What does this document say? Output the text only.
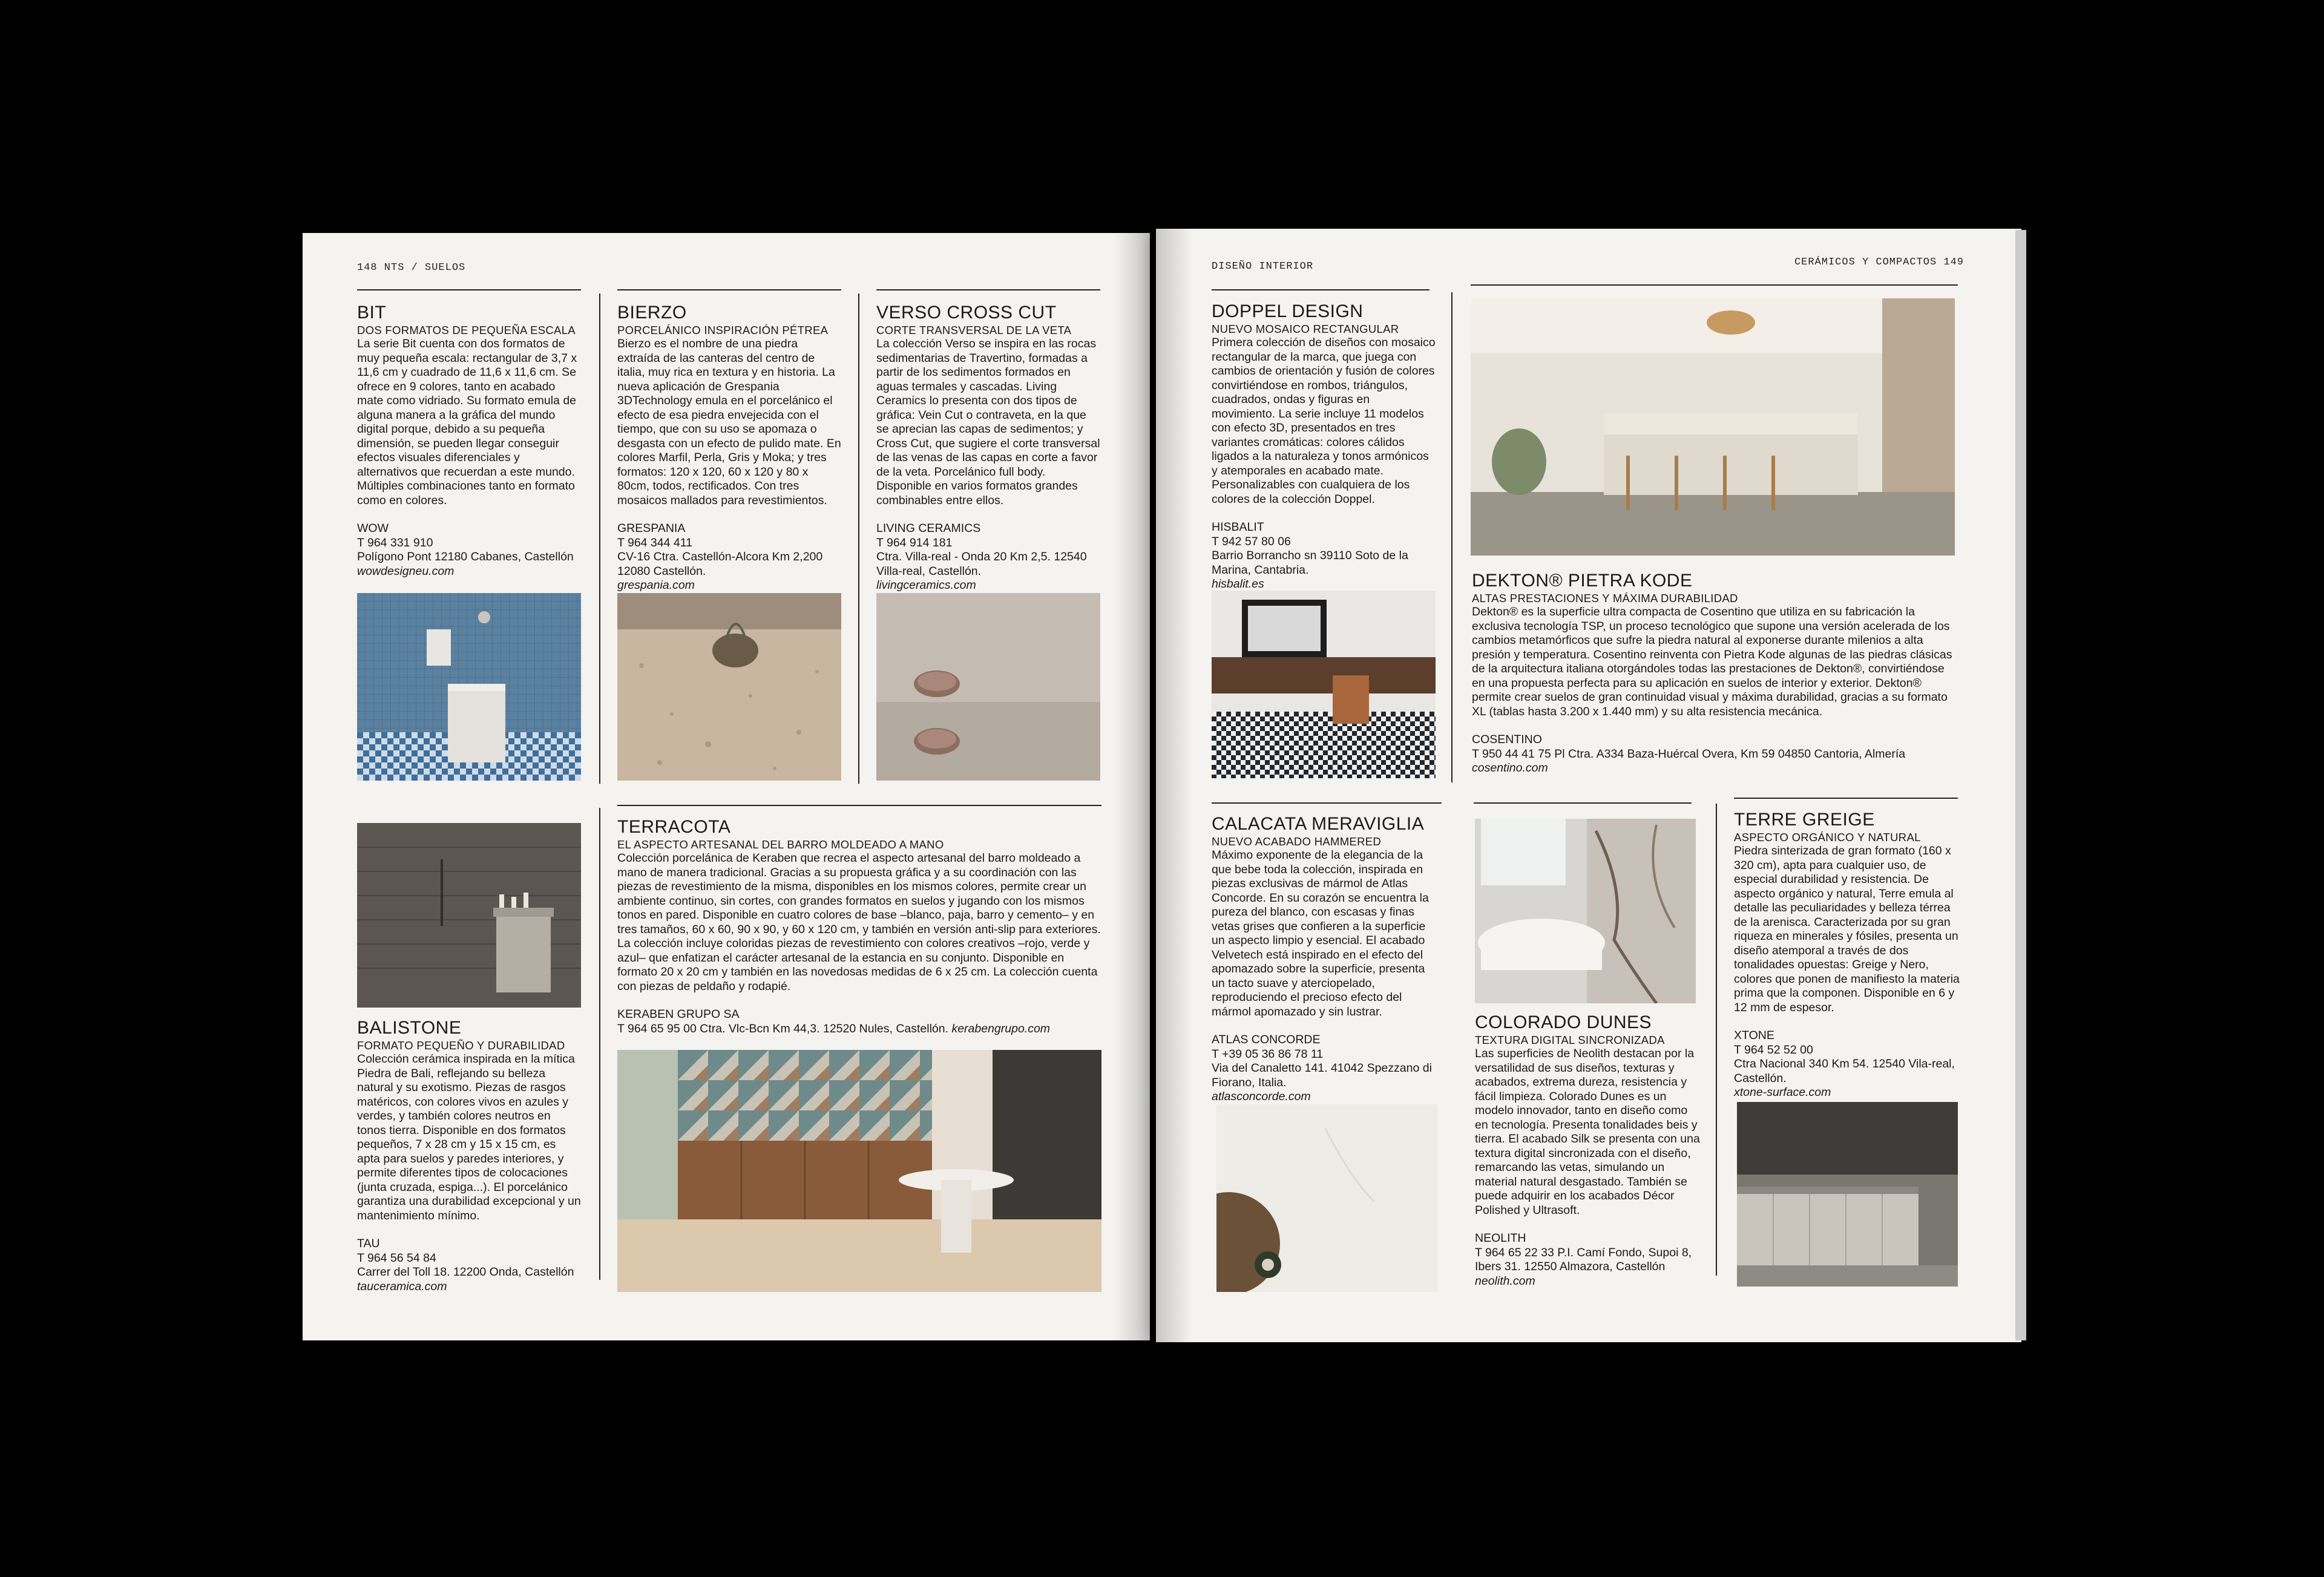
148 NTS / SUELOS
BIT
DOS FORMATOS DE PEQUEÑA ESCALA

La serie Bit cuenta con dos formatos de muy pequeña escala: rectangular de 3,7 x 11,6 cm y cuadrado de 11,6 x 11,6 cm. Se ofrece en 9 colores, tanto en acabado mate como vidriado. Su formato emula de alguna manera a la gráfica del mundo digital porque, debido a su pequeña dimensión, se pueden llegar conseguir efectos visuales diferenciales y alternativos que recuerdan a este mundo. Múltiples combinaciones tanto en formato como en colores.

WOW
T 964 331 910
Polígono Pont 12180 Cabanes, Castellón
wowdesigneu.com
BIERZO
PORCELÁNICO INSPIRACIÓN PÉTREA

Bierzo es el nombre de una piedra extraída de las canteras del centro de italia, muy rica en textura y en historia. La nueva aplicación de Grespania 3DTechnology emula en el porcelánico el efecto de esa piedra envejecida con el tiempo, que con su uso se apomaza o desgasta con un efecto de pulido mate. En colores Marfil, Perla, Gris y Moka; y tres formatos: 120 x 120, 60 x 120 y 80 x 80cm, todos, rectificados. Con tres mosaicos mallados para revestimientos.

GRESPANIA
T 964 344 411
CV-16 Ctra. Castellón-Alcora Km 2,200 12080 Castellón.
grespania.com
VERSO CROSS CUT
CORTE TRANSVERSAL DE LA VETA

La colección Verso se inspira en las rocas sedimentarias de Travertino, formadas a partir de los sedimentos formados en aguas termales y cascadas. Living Ceramics lo presenta con dos tipos de gráfica: Vein Cut o contraveta, en la que se aprecian las capas de sedimentos; y Cross Cut, que sugiere el corte transversal de las venas de las capas en corte a favor de la veta. Porcelánico full body. Disponible en varios formatos grandes combinables entre ellos.

LIVING CERAMICS
T 964 914 181
Ctra. Villa-real - Onda 20 Km 2,5. 12540 Villa-real, Castellón.
livingceramics.com
BALISTONE
FORMATO PEQUEÑO Y DURABILIDAD

Colección cerámica inspirada en la mítica Piedra de Bali, reflejando su belleza natural y su exotismo. Piezas de rasgos matéricos, con colores vivos en azules y verdes, y también colores neutros en tonos tierra. Disponible en dos formatos pequeños, 7 x 28 cm y 15 x 15 cm, es apta para suelos y paredes interiores, y permite diferentes tipos de colocaciones (junta cruzada, espiga...). El porcelánico garantiza una durabilidad excepcional y un mantenimiento mínimo.

TAU
T 964 56 54 84
Carrer del Toll 18. 12200 Onda, Castellón
tauceramica.com
TERRACOTA
EL ASPECTO ARTESANAL DEL BARRO MOLDEADO A MANO

Colección porcelánica de Keraben que recrea el aspecto artesanal del barro moldeado a mano de manera tradicional. Gracias a su propuesta gráfica y a su coordinación con las piezas de revestimiento de la misma, disponibles en los mismos colores, permite crear un ambiente continuo, sin cortes, con grandes formatos en suelos y jugando con los mismos tonos en pared. Disponible en cuatro colores de base –blanco, paja, barro y cemento– y en tres tamaños, 60 x 60, 90 x 90, y 60 x 120 cm, y también en versión anti-slip para exteriores. La colección incluye coloridas piezas de revestimiento con colores creativos –rojo, verde y azul– que enfatizan el carácter artesanal de la estancia en su conjunto. Disponible en formato 20 x 20 cm y también en las novedosas medidas de 6 x 25 cm. La colección cuenta con piezas de peldaño y rodapié.

KERABEN GRUPO SA
T 964 65 95 00 Ctra. Vlc-Bcn Km 44,3. 12520 Nules, Castellón. kerabengrupo.com
DISEÑO INTERIOR	CERÁMICOS Y COMPACTOS 149
DOPPEL DESIGN
NUEVO MOSAICO RECTANGULAR

Primera colección de diseños con mosaico rectangular de la marca, que juega con cambios de orientación y fusión de colores convirtiéndose en rombos, triángulos, cuadrados, ondas y figuras en movimiento. La serie incluye 11 modelos con efecto 3D, presentados en tres variantes cromáticas: colores cálidos ligados a la naturaleza y tonos armónicos y atemporales en acabado mate. Personalizables con cualquiera de los colores de la colección Doppel.

HISBALIT
T 942 57 80 06
Barrio Borrancho sn 39110 Soto de la Marina, Cantabria.
hisbalit.es	DEKTON® PIETRA KODE
ALTAS PRESTACIONES Y MÁXIMA DURABILIDAD

Dekton® es la superficie ultra compacta de Cosentino que utiliza en su fabricación la exclusiva tecnología TSP, un proceso tecnológico que supone una versión acelerada de los cambios metamórficos que sufre la piedra natural al exponerse durante milenios a alta presión y temperatura. Cosentino reinventa con Pietra Kode algunas de las piedras clásicas de la arquitectura italiana otorgándoles todas las prestaciones de Dekton®, convirtiéndose en una propuesta perfecta para su aplicación en suelos de interior y exterior. Dekton® permite crear suelos de gran continuidad visual y máxima durabilidad, gracias a su formato XL (tablas hasta 3.200 x 1.440 mm) y su alta resistencia mecánica.

COSENTINO
T 950 44 41 75 Pl Ctra. A334 Baza-Huércal Overa, Km 59 04850 Cantoria, Almería
cosentino.com
CALACATA MERAVIGLIA
NUEVO ACABADO HAMMERED

Máximo exponente de la elegancia de la que bebe toda la colección, inspirada en piezas exclusivas de mármol de Atlas Concorde. En su corazón se encuentra la pureza del blanco, con escasas y finas vetas grises que confieren a la superficie un aspecto limpio y esencial. El acabado Velvetech está inspirado en el efecto del apomazado sobre la superficie, presenta un tacto suave y aterciopelado, reproduciendo el precioso efecto del mármol apomazado y sin lustrar.

ATLAS CONCORDE
T +39 05 36 86 78 11
Via del Canaletto 141. 41042 Spezzano di Fiorano, Italia.
atlasconcorde.com
COLORADO DUNES
TEXTURA DIGITAL SINCRONIZADA

Las superficies de Neolith destacan por la versatilidad de sus diseños, texturas y acabados, extrema dureza, resistencia y fácil limpieza. Colorado Dunes es un modelo innovador, tanto en diseño como en tecnología. Presenta tonalidades beis y tierra. El acabado Silk se presenta con una textura digital sincronizada con el diseño, remarcando las vetas, simulando un material natural desgastado. También se puede adquirir en los acabados Décor Polished y Ultrasoft.

NEOLITH
T 964 65 22 33 P.I. Camí Fondo, Supoi 8, Ibers 31. 12550 Almazora, Castellón
neolith.com
TERRE GREIGE
ASPECTO ORGÁNICO Y NATURAL

Piedra sinterizada de gran formato (160 x 320 cm), apta para cualquier uso, de especial durabilidad y resistencia. De aspecto orgánico y natural, Terre emula al detalle las peculiaridades y belleza térrea de la arenisca. Caracterizada por su gran riqueza en minerales y fósiles, presenta un diseño atemporal a través de dos tonalidades opuestas: Greige y Nero, colores que ponen de manifiesto la materia prima que la componen. Disponible en 6 y 12 mm de espesor.

XTONE
T 964 52 52 00
Ctra Nacional 340 Km 54. 12540 Vila-real, Castellón.
xtone-surface.com
